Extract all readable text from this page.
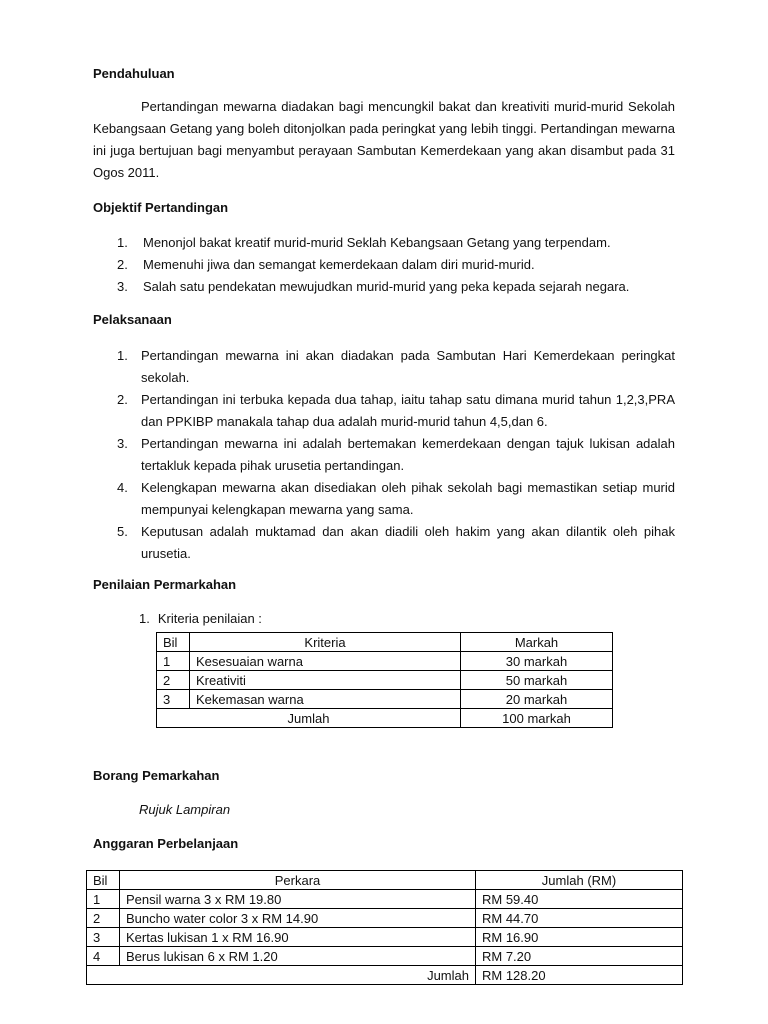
Pendahuluan
Pertandingan mewarna diadakan bagi mencungkil bakat dan kreativiti murid-murid Sekolah Kebangsaan Getang yang boleh ditonjolkan pada peringkat yang lebih tinggi. Pertandingan mewarna ini juga bertujuan bagi menyambut perayaan Sambutan Kemerdekaan yang akan disambut pada 31 Ogos 2011.
Objektif Pertandingan
1. Menonjol bakat kreatif murid-murid Seklah Kebangsaan Getang yang terpendam.
2. Memenuhi jiwa dan semangat kemerdekaan dalam diri murid-murid.
3. Salah satu pendekatan mewujudkan murid-murid yang peka kepada sejarah negara.
Pelaksanaan
1. Pertandingan mewarna ini akan diadakan pada Sambutan Hari Kemerdekaan peringkat sekolah.
2. Pertandingan ini terbuka kepada dua tahap, iaitu tahap satu dimana murid tahun 1,2,3,PRA dan PPKIBP manakala tahap dua adalah murid-murid tahun 4,5,dan 6.
3. Pertandingan mewarna ini adalah bertemakan kemerdekaan dengan tajuk lukisan adalah tertakluk kepada pihak urusetia pertandingan.
4. Kelengkapan mewarna akan disediakan oleh pihak sekolah bagi memastikan setiap murid mempunyai kelengkapan mewarna yang sama.
5. Keputusan adalah muktamad dan akan diadili oleh hakim yang akan dilantik oleh pihak urusetia.
Penilaian Permarkahan
1. Kriteria penilaian :
Bil	Kriteria	Markah
1	Kesesuaian warna	30 markah
2	Kreativiti	50 markah
3	Kekemasan warna	20 markah
Jumlah		100 markah
Borang Pemarkahan
Rujuk Lampiran
Anggaran Perbelanjaan
Bil	Perkara	Jumlah (RM)
1	Pensil warna 3 x RM 19.80	RM 59.40
2	Buncho water color 3 x RM 14.90	RM 44.70
3	Kertas lukisan 1 x RM 16.90	RM 16.90
4	Berus lukisan 6 x RM 1.20	RM 7.20
Jumlah		RM 128.20
